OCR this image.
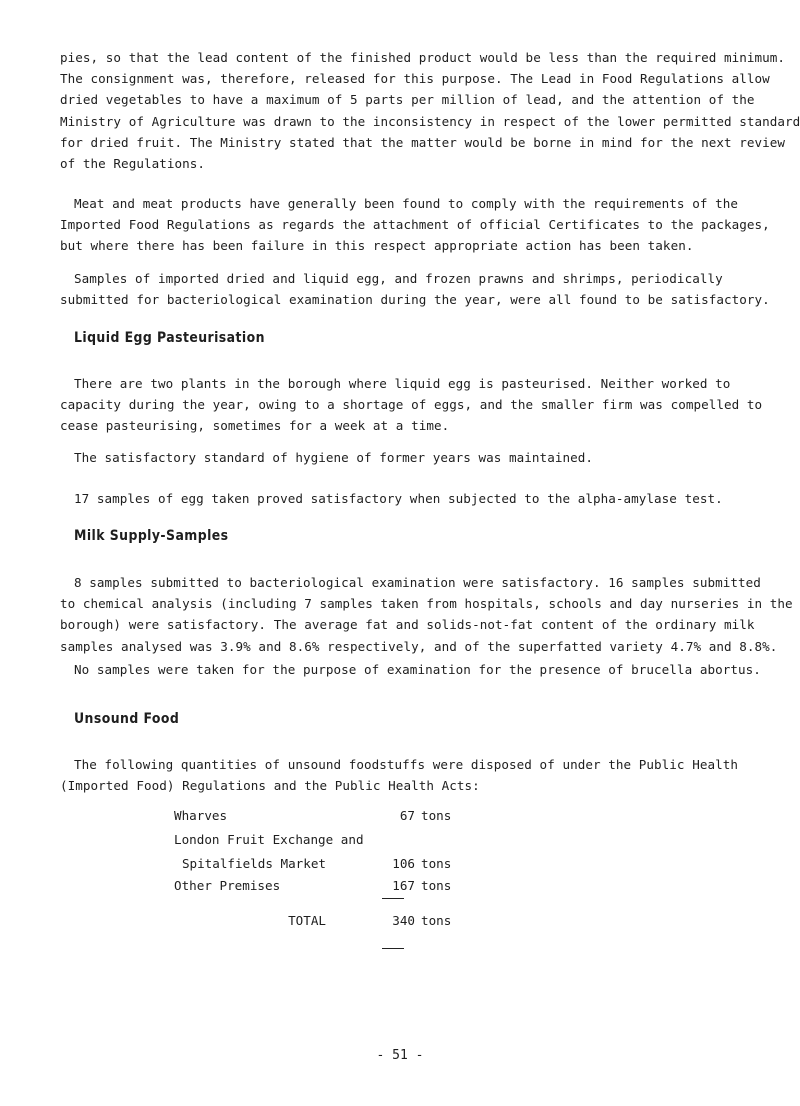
pies, so that the lead content of the finished product would be less than the required minimum.
The consignment was, therefore, released for this purpose. The Lead in Food Regulations allow
dried vegetables to have a maximum of 5 parts per million of lead, and the attention of the
Ministry of Agriculture was drawn to the inconsistency in respect of the lower permitted standard
for dried fruit. The Ministry stated that the matter would be borne in mind for the next review
of the Regulations.
Meat and meat products have generally been found to comply with the requirements of the
Imported Food Regulations as regards the attachment of official Certificates to the packages,
but where there has been failure in this respect appropriate action has been taken.
Samples of imported dried and liquid egg, and frozen prawns and shrimps, periodically
submitted for bacteriological examination during the year, were all found to be satisfactory.
Liquid Egg Pasteurisation
There are two plants in the borough where liquid egg is pasteurised. Neither worked to
capacity during the year, owing to a shortage of eggs, and the smaller firm was compelled to
cease pasteurising, sometimes for a week at a time.
The satisfactory standard of hygiene of former years was maintained.
17 samples of egg taken proved satisfactory when subjected to the alpha-amylase test.
Milk Supply-Samples
8 samples submitted to bacteriological examination were satisfactory. 16 samples submitted
to chemical analysis (including 7 samples taken from hospitals, schools and day nurseries in the
borough) were satisfactory. The average fat and solids-not-fat content of the ordinary milk
samples analysed was 3.9% and 8.6% respectively, and of the superfatted variety 4.7% and 8.8%.
No samples were taken for the purpose of examination for the presence of brucella abortus.
Unsound Food
The following quantities of unsound foodstuffs were disposed of under the Public Health
(Imported Food) Regulations and the Public Health Acts:
Wharves	67 tons
London Fruit Exchange and
Spitalfields Market	106 tons
Other Premises	167 tons
TOTAL	340 tons
- 51 -
